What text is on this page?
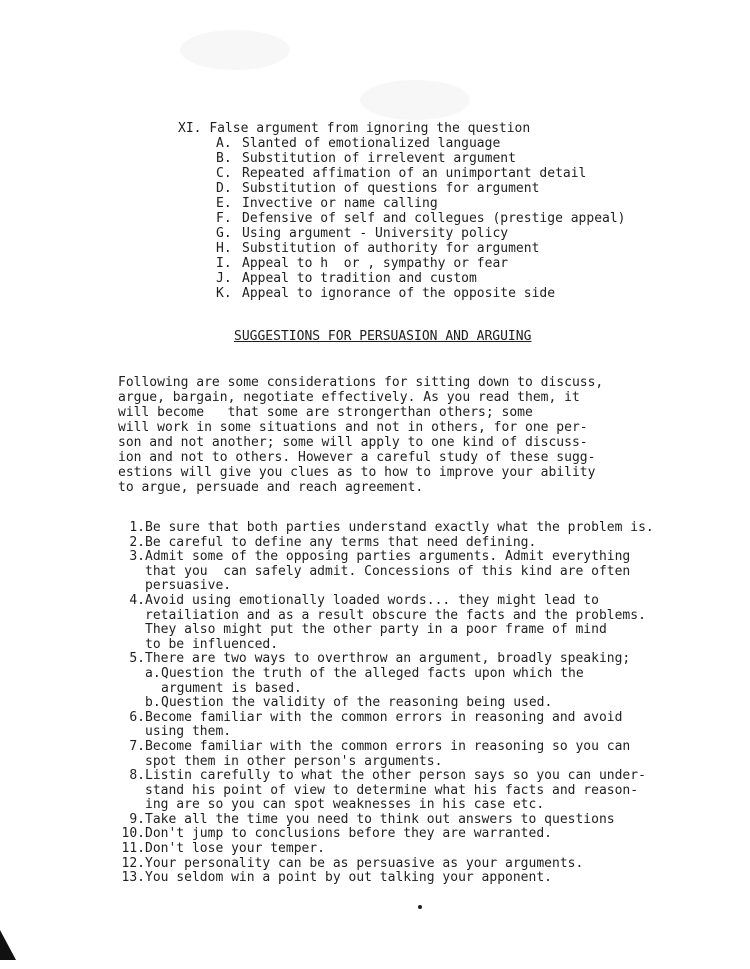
XI. False argument from ignoring the question
A. Slanted of emotionalized language
B. Substitution of irrelevent argument
C. Repeated affimation of an unimportant detail
D. Substitution of questions for argument
E. Invective or name calling
F. Defensive of self and collegues (prestige appeal)
G. Using argument - University policy
H. Substitution of authority for argument
I. Appeal to h  or , sympathy or fear
J. Appeal to tradition and custom
K. Appeal to ignorance of the opposite side
SUGGESTIONS FOR PERSUASION AND ARGUING
Following are some considerations for sitting down to discuss,
argue, bargain, negotiate effectively. As you read them, it
will become   that some are strongerthan others; some
will work in some situations and not in others, for one per-
son and not another; some will apply to one kind of discuss-
ion and not to others. However a careful study of these sugg-
estions will give you clues as to how to improve your ability
to argue, persuade and reach agreement.
1. Be sure that both parties understand exactly what the problem is.
2. Be careful to define any terms that need defining.
3. Admit some of the opposing parties arguments. Admit everything
that you  can safely admit. Concessions of this kind are often
persuasive.
4. Avoid using emotionally loaded words... they might lead to
retailiation and as a result obscure the facts and the problems.
They also might put the other party in a poor frame of mind
to be influenced.
5. There are two ways to overthrow an argument, broadly speaking;
a. Question the truth of the alleged facts upon which the
argument is based.
b. Question the validity of the reasoning being used.
6. Become familiar with the common errors in reasoning and avoid
using them.
7. Become familiar with the common errors in reasoning so you can
spot them in other person's arguments.
8. Listin carefully to what the other person says so you can under-
stand his point of view to determine what his facts and reason-
ing are so you can spot weaknesses in his case etc.
9. Take all the time you need to think out answers to questions
10. Don't jump to conclusions before they are warranted.
11. Don't lose your temper.
12. Your personality can be as persuasive as your arguments.
13. You seldom win a point by out talking your apponent.
